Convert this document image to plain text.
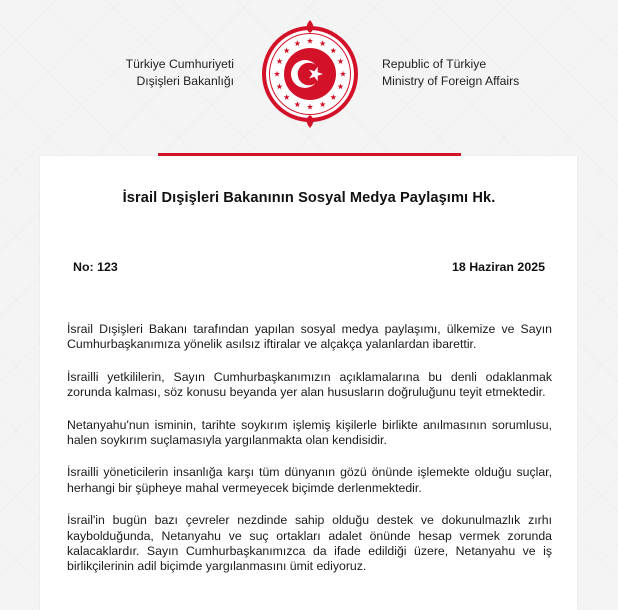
Türkiye Cumhuriyeti
Dışişleri Bakanlığı
Republic of Türkiye
Ministry of Foreign Affairs
İsrail Dışişleri Bakanının Sosyal Medya Paylaşımı Hk.
No: 123	18 Haziran 2025

İsrail Dışişleri Bakanı tarafından yapılan sosyal medya paylaşımı, ülkemize ve Sayın Cumhurbaşkanımıza yönelik asılsız iftiralar ve alçakça yalanlardan ibarettir.

İsrailli yetkililerin, Sayın Cumhurbaşkanımızın açıklamalarına bu denli odaklanmak zorunda kalması, söz konusu beyanda yer alan hususların doğruluğunu teyit etmektedir.

Netanyahu'nun isminin, tarihte soykırım işlemiş kişilerle birlikte anılmasının sorumlusu, halen soykırım suçlamasıyla yargılanmakta olan kendisidir.

İsrailli yöneticilerin insanlığa karşı tüm dünyanın gözü önünde işlemekte olduğu suçlar, herhangi bir şüpheye mahal vermeyecek biçimde derlenmektedir.

İsrail'in bugün bazı çevreler nezdinde sahip olduğu destek ve dokunulmazlık zırhı kaybolduğunda, Netanyahu ve suç ortakları adalet önünde hesap vermek zorunda kalacaklardır. Sayın Cumhurbaşkanımızca da ifade edildiği üzere, Netanyahu ve iş birlikçilerinin adil biçimde yargılanmasını ümit ediyoruz.
